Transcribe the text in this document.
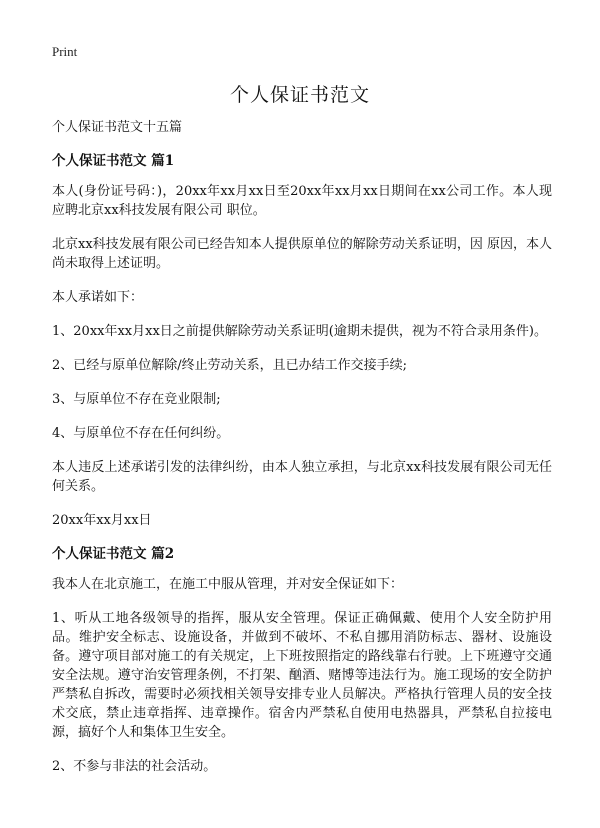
Print
个人保证书范文

个人保证书范文十五篇

个人保证书范文 篇1

本人(身份证号码：)，20xx年xx月xx日至20xx年xx月xx日期间在xx公司工作。本人现应聘北京xx科技发展有限公司 职位。

北京xx科技发展有限公司已经告知本人提供原单位的解除劳动关系证明，因 原因，本人尚未取得上述证明。

本人承诺如下：

1、20xx年xx月xx日之前提供解除劳动关系证明(逾期未提供，视为不符合录用条件)。

2、已经与原单位解除/终止劳动关系，且已办结工作交接手续;

3、与原单位不存在竞业限制;

4、与原单位不存在任何纠纷。

本人违反上述承诺引发的法律纠纷，由本人独立承担，与北京xx科技发展有限公司无任何关系。

20xx年xx月xx日

个人保证书范文 篇2

我本人在北京施工，在施工中服从管理，并对安全保证如下：

1、听从工地各级领导的指挥，服从安全管理。保证正确佩戴、使用个人安全防护用品。维护安全标志、设施设备，并做到不破坏、不私自挪用消防标志、器材、设施设备。遵守项目部对施工的有关规定，上下班按照指定的路线靠右行驶。上下班遵守交通安全法规。遵守治安管理条例，不打架、酗酒、赌博等违法行为。施工现场的安全防护严禁私自拆改，需要时必须找相关领导安排专业人员解决。严格执行管理人员的安全技术交底，禁止违章指挥、违章操作。宿舍内严禁私自使用电热器具，严禁私自拉接电源，搞好个人和集体卫生安全。

2、不参与非法的社会活动。
